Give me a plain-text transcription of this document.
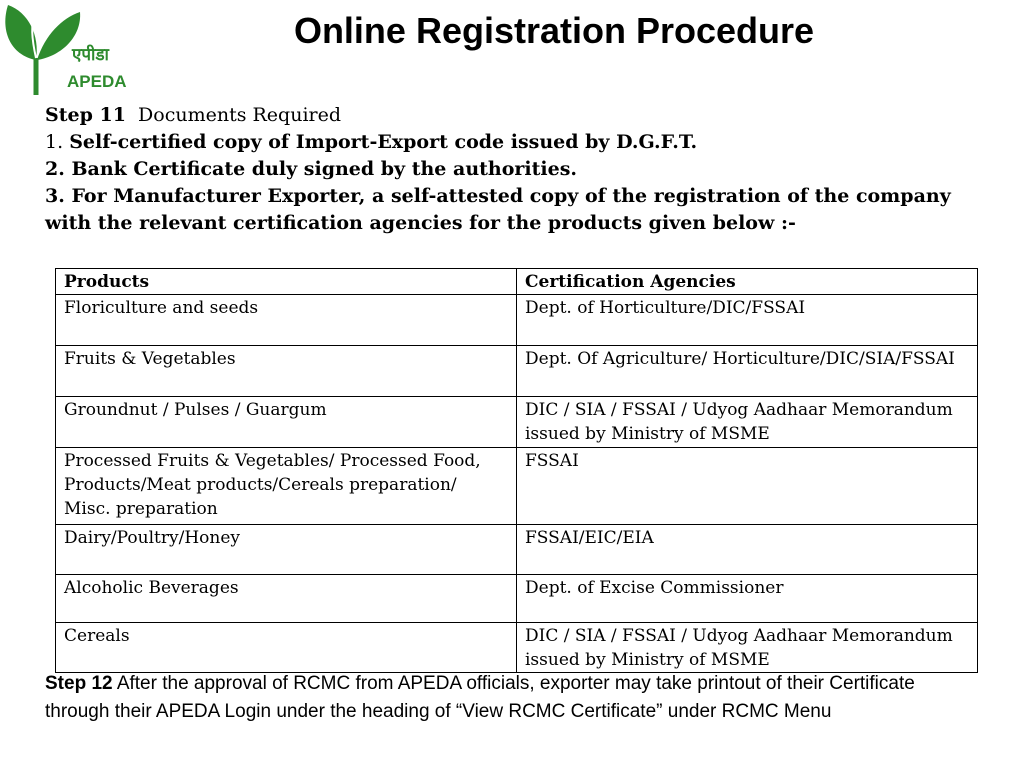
एपीडा
APEDA
Online Registration Procedure

Step 11 Documents Required

1. Self-certified copy of Import-Export code issued by D.G.F.T.

2. Bank Certificate duly signed by the authorities.

3. For Manufacturer Exporter, a self-attested copy of the registration of the company with the relevant certification agencies for the products given below :-

Products	Certification Agencies
Floriculture and seeds	Dept. of Horticulture/DIC/FSSAI
Fruits & Vegetables	Dept. Of Agriculture/ Horticulture/DIC/SIA/FSSAI
Groundnut / Pulses / Guargum	DIC / SIA / FSSAI / Udyog Aadhaar Memorandum issued by Ministry of MSME
Processed Fruits & Vegetables/ Processed Food, Products/Meat products/Cereals preparation/ Misc. preparation	FSSAI
Dairy/Poultry/Honey	FSSAI/EIC/EIA
Alcoholic Beverages	Dept. of Excise Commissioner
Cereals	DIC / SIA / FSSAI / Udyog Aadhaar Memorandum issued by Ministry of MSME
Step 12 After the approval of RCMC from APEDA officials, exporter may take printout of their Certificate through their APEDA Login under the heading of “View RCMC Certificate” under RCMC Menu
